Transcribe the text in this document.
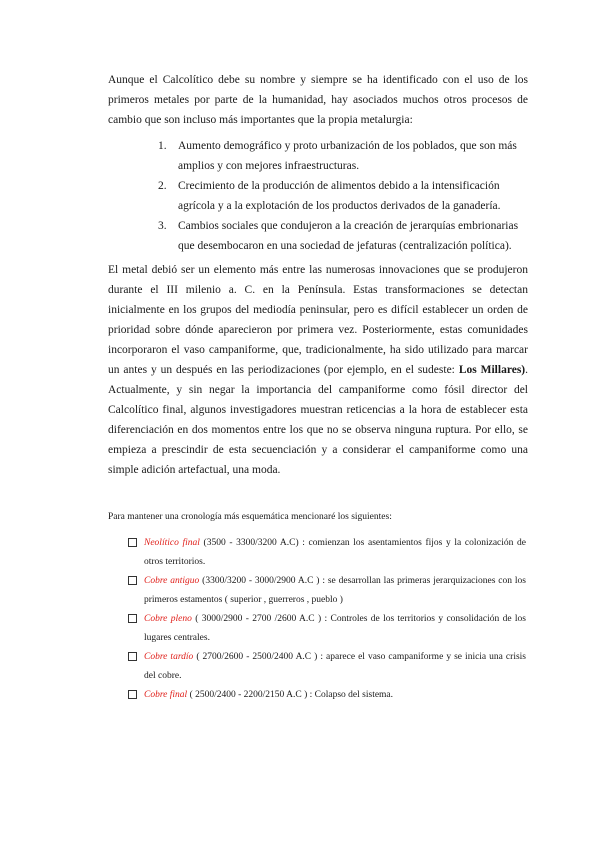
Aunque el Calcolítico debe su nombre y siempre se ha identificado con el uso de los primeros metales por parte de la humanidad, hay asociados muchos otros procesos de cambio que son incluso más importantes que la propia metalurgia:

1. Aumento demográfico y proto urbanización de los poblados, que son más amplios y con mejores infraestructuras.
2. Crecimiento de la producción de alimentos debido a la intensificación agrícola y a la explotación de los productos derivados de la ganadería.
3. Cambios sociales que condujeron a la creación de jerarquías embrionarias que desembocaron en una sociedad de jefaturas (centralización política).

El metal debió ser un elemento más entre las numerosas innovaciones que se produjeron durante el III milenio a. C. en la Península. Estas transformaciones se detectan inicialmente en los grupos del mediodía peninsular, pero es difícil establecer un orden de prioridad sobre dónde aparecieron por primera vez. Posteriormente, estas comunidades incorporaron el vaso campaniforme, que, tradicionalmente, ha sido utilizado para marcar un antes y un después en las periodizaciones (por ejemplo, en el sudeste: Los Millares). Actualmente, y sin negar la importancia del campaniforme como fósil director del Calcolítico final, algunos investigadores muestran reticencias a la hora de establecer esta diferenciación en dos momentos entre los que no se observa ninguna ruptura. Por ello, se empieza a prescindir de esta secuenciación y a considerar el campaniforme como una simple adición artefactual, una moda.

Para mantener una cronología más esquemática mencionaré los siguientes:

Neolítico final (3500 - 3300/3200 A.C) : comienzan los asentamientos fijos y la colonización de otros territorios.
Cobre antiguo (3300/3200 - 3000/2900 A.C ) : se desarrollan las primeras jerarquizaciones con los primeros estamentos ( superior , guerreros , pueblo )
Cobre pleno ( 3000/2900 - 2700 /2600 A.C ) : Controles de los territorios y consolidación de los lugares centrales.
Cobre tardío ( 2700/2600 - 2500/2400 A.C ) : aparece el vaso campaniforme y se inicia una crisis del cobre.
Cobre final ( 2500/2400 - 2200/2150 A.C ) : Colapso del sistema.
